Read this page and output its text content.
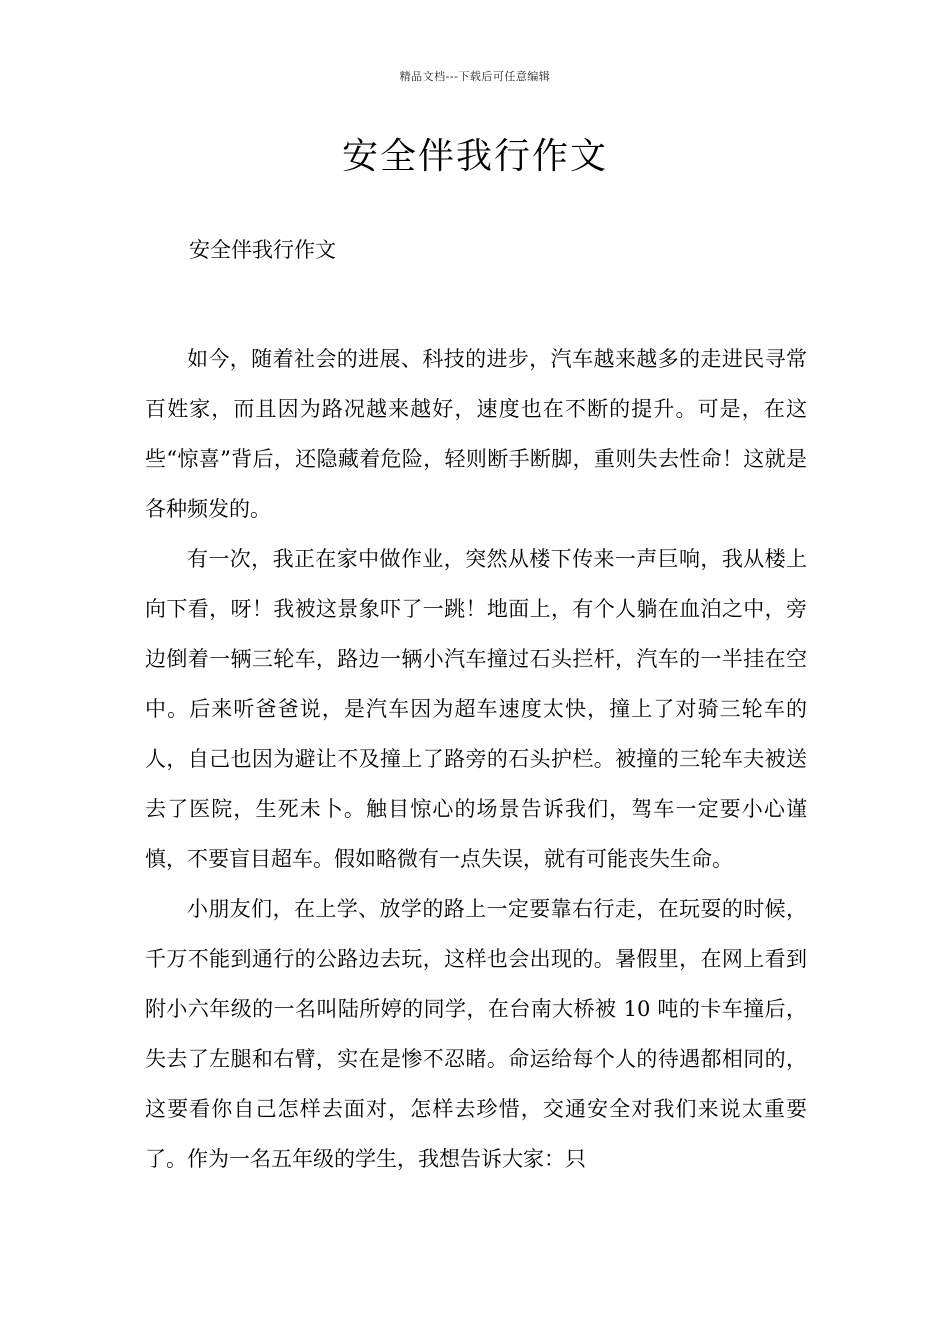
精品文档---下载后可任意编辑
安全伴我行作文
安全伴我行作文

如今，随着社会的进展、科技的进步，汽车越来越多的走进民寻常百姓家，而且因为路况越来越好，速度也在不断的提升。可是，在这些“惊喜”背后，还隐藏着危险，轻则断手断脚，重则失去性命！这就是各种频发的。

有一次，我正在家中做作业，突然从楼下传来一声巨响，我从楼上向下看，呀！我被这景象吓了一跳！地面上，有个人躺在血泊之中，旁边倒着一辆三轮车，路边一辆小汽车撞过石头拦杆，汽车的一半挂在空中。后来听爸爸说，是汽车因为超车速度太快，撞上了对骑三轮车的人，自己也因为避让不及撞上了路旁的石头护栏。被撞的三轮车夫被送去了医院，生死未卜。触目惊心的场景告诉我们，驾车一定要小心谨慎，不要盲目超车。假如略微有一点失误，就有可能丧失生命。

小朋友们，在上学、放学的路上一定要靠右行走，在玩耍的时候，千万不能到通行的公路边去玩，这样也会出现的。暑假里，在网上看到附小六年级的一名叫陆所婷的同学，在台南大桥被 10 吨的卡车撞后，失去了左腿和右臂，实在是惨不忍睹。命运给每个人的待遇都相同的，这要看你自己怎样去面对，怎样去珍惜，交通安全对我们来说太重要了。作为一名五年级的学生，我想告诉大家：只
